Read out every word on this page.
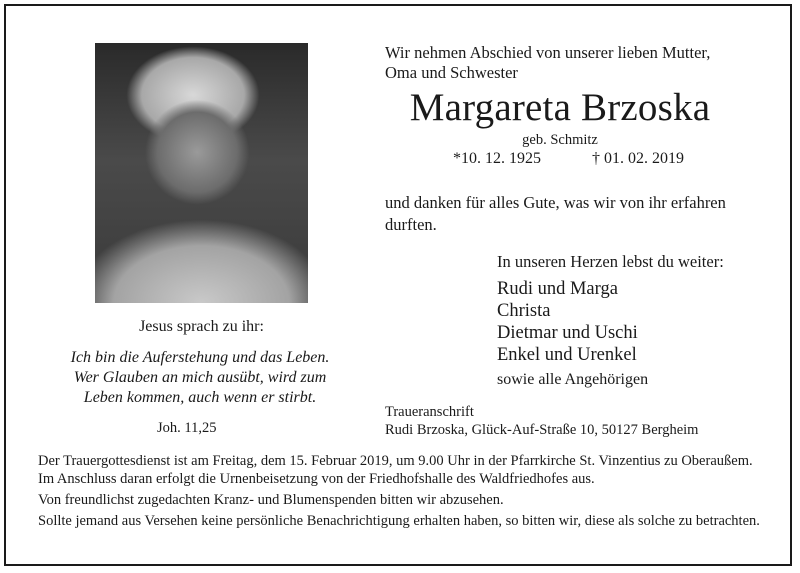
Jesus sprach zu ihr:
Ich bin die Auferstehung und das Leben.
Wer Glauben an mich ausübt, wird zum
Leben kommen, auch wenn er stirbt.
Joh. 11,25
Wir nehmen Abschied von unserer lieben Mutter,
Oma und Schwester
Margareta Brzoska
geb. Schmitz
*10. 12. 1925	† 01. 02. 2019
und danken für alles Gute, was wir von ihr erfahren
durften.
In unseren Herzen lebst du weiter:
Rudi und Marga
Christa
Dietmar und Uschi
Enkel und Urenkel
sowie alle Angehörigen
Traueranschrift
Rudi Brzoska, Glück-Auf-Straße 10, 50127 Bergheim

Der Trauergottesdienst ist am Freitag, dem 15. Februar 2019, um 9.00 Uhr in der Pfarrkirche St. Vinzentius zu Oberaußem. Im Anschluss daran erfolgt die Urnenbeisetzung von der Friedhofshalle des Waldfriedhofes aus.

Von freundlichst zugedachten Kranz- und Blumenspenden bitten wir abzusehen.

Sollte jemand aus Versehen keine persönliche Benachrichtigung erhalten haben, so bitten wir, diese als solche zu betrachten.
